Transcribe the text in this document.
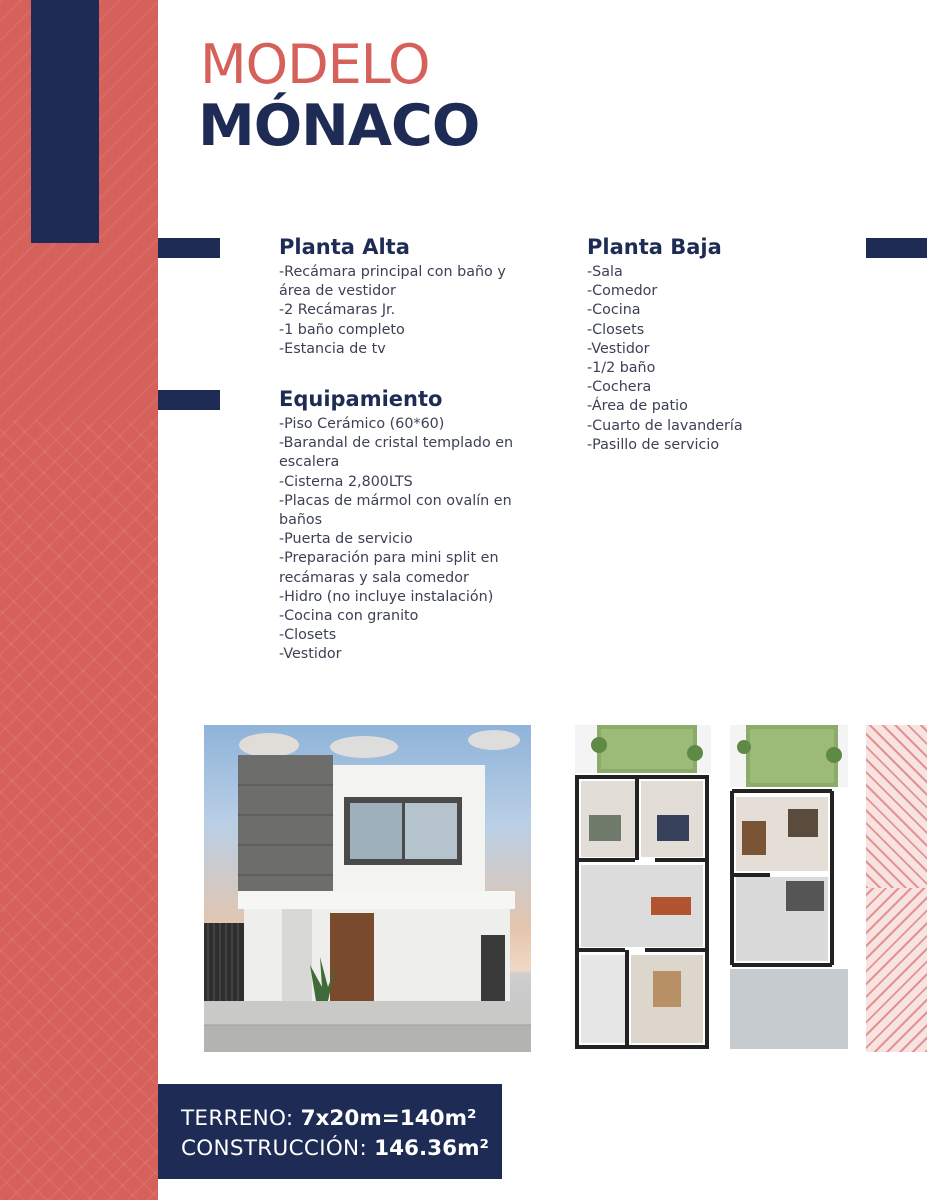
MODELO
MÓNACO
Planta Alta
-Recámara principal con baño y
área de vestidor
-2 Recámaras Jr.
-1 baño completo
-Estancia de tv
Equipamiento
-Piso Cerámico (60*60)
-Barandal de cristal templado en
escalera
-Cisterna 2,800LTS
-Placas de mármol con ovalín en
baños
-Puerta de servicio
-Preparación para mini split en
recámaras y sala comedor
-Hidro (no incluye instalación)
-Cocina con granito
-Closets
-Vestidor
Planta Baja
-Sala
-Comedor
-Cocina
-Closets
-Vestidor
-1/2 baño
-Cochera
-Área de patio
-Cuarto de lavandería
-Pasillo de servicio
TERRENO: 7x20m=140m²
CONSTRUCCIÓN: 146.36m²
